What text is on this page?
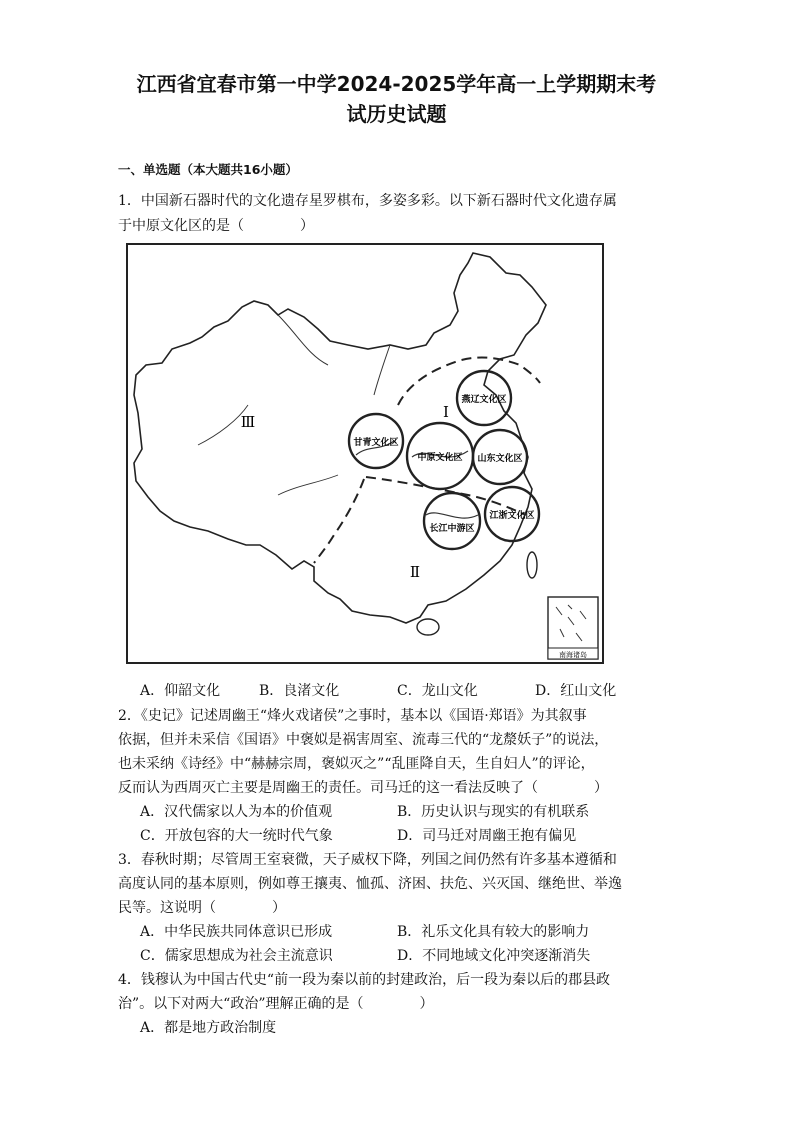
江西省宜春市第一中学2024-2025学年高一上学期期末考
试历史试题
一、单选题（本大题共16小题）
1．中国新石器时代的文化遗存星罗棋布，多姿多彩。以下新石器时代文化遗存属
于中原文化区的是（　　　　）
燕辽文化区
甘青文化区
中原文化区 山东文化区
长江中游区
江浙文化区
Ⅰ
Ⅱ
Ⅲ
南海诸岛
A．仰韶文化	B．良渚文化	C．龙山文化	D．红山文化
2．《史记》记述周幽王“烽火戏诸侯”之事时，基本以《国语·郑语》为其叙事
依据，但并未采信《国语》中褒姒是祸害周室、流毒三代的“龙漦妖子”的说法，
也未采纳《诗经》中“赫赫宗周，褒姒灭之”“乱匪降自天，生自妇人”的评论，
反而认为西周灭亡主要是周幽王的责任。司马迁的这一看法反映了（　　　　）
A．汉代儒家以人为本的价值观	B．历史认识与现实的有机联系
C．开放包容的大一统时代气象	D．司马迁对周幽王抱有偏见
3．春秋时期；尽管周王室衰微，天子威权下降，列国之间仍然有许多基本遵循和
高度认同的基本原则，例如尊王攘夷、恤孤、济困、扶危、兴灭国、继绝世、举逸
民等。这说明（　　　　）
A．中华民族共同体意识已形成	B．礼乐文化具有较大的影响力
C．儒家思想成为社会主流意识	D．不同地域文化冲突逐渐消失
4．钱穆认为中国古代史“前一段为秦以前的封建政治，后一段为秦以后的郡县政
治”。以下对两大“政治”理解正确的是（　　　　）
A．都是地方政治制度
